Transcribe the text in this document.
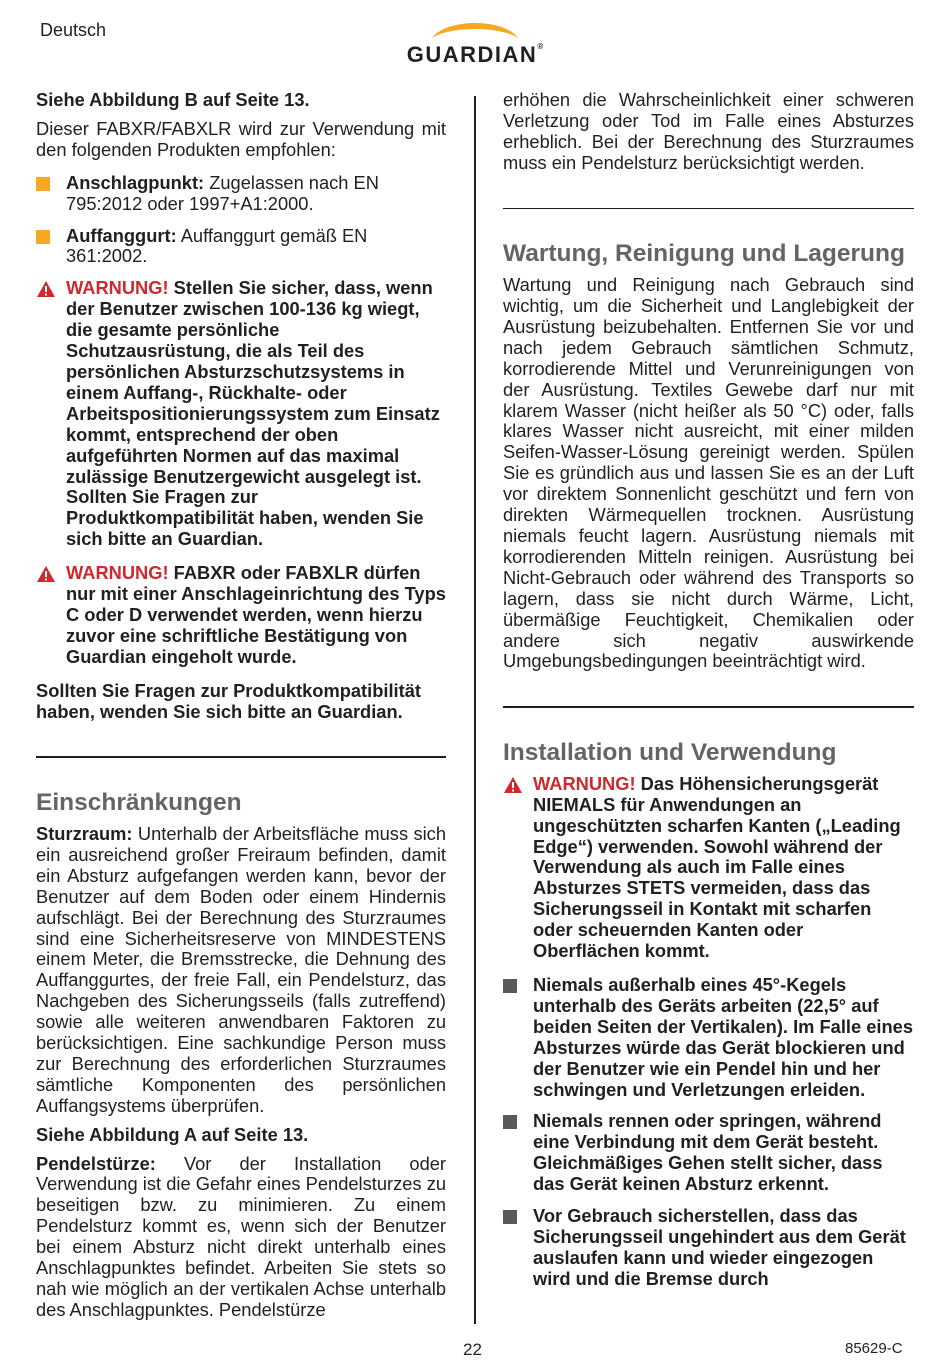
Deutsch
GUARDIAN®

Siehe Abbildung B auf Seite 13.

Dieser FABXR/FABXLR wird zur Verwendung mit den folgenden Produkten empfohlen:

Anschlagpunkt: Zugelassen nach EN 795:2012 oder 1997+A1:2000.
Auffanggurt: Auffanggurt gemäß EN 361:2002.
WARNUNG! Stellen Sie sicher, dass, wenn der Benutzer zwischen 100-136 kg wiegt, die gesamte persönliche Schutzausrüstung, die als Teil des persönlichen Absturzschutzsystems in einem Auffang-, Rückhalte- oder Arbeitspositionierungssystem zum Einsatz kommt, entsprechend der oben aufgeführten Normen auf das maximal zulässige Benutzergewicht ausgelegt ist. Sollten Sie Fragen zur Produktkompatibilität haben, wenden Sie sich bitte an Guardian.
WARNUNG! FABXR oder FABXLR dürfen nur mit einer Anschlageinrichtung des Typs C oder D verwendet werden, wenn hierzu zuvor eine schriftliche Bestätigung von Guardian eingeholt wurde.

Sollten Sie Fragen zur Produktkompatibilität haben, wenden Sie sich bitte an Guardian.

Einschränkungen

Sturzraum: Unterhalb der Arbeitsfläche muss sich ein ausreichend großer Freiraum befinden, damit ein Absturz aufgefangen werden kann, bevor der Benutzer auf dem Boden oder einem Hindernis aufschlägt. Bei der Berechnung des Sturzraumes sind eine Sicherheitsreserve von MINDESTENS einem Meter, die Bremsstrecke, die Dehnung des Auffanggurtes, der freie Fall, ein Pendelsturz, das Nachgeben des Sicherungsseils (falls zutreffend) sowie alle weiteren anwendbaren Faktoren zu berücksichtigen. Eine sachkundige Person muss zur Berechnung des erforderlichen Sturzraumes sämtliche Komponenten des persönlichen Auffangsystems überprüfen.

Siehe Abbildung A auf Seite 13.

Pendelstürze: Vor der Installation oder Verwendung ist die Gefahr eines Pendelsturzes zu beseitigen bzw. zu minimieren. Zu einem Pendelsturz kommt es, wenn sich der Benutzer bei einem Absturz nicht direkt unterhalb eines Anschlagpunktes befindet. Arbeiten Sie stets so nah wie möglich an der vertikalen Achse unterhalb des Anschlagpunktes. Pendelstürze

erhöhen die Wahrscheinlichkeit einer schweren Verletzung oder Tod im Falle eines Absturzes erheblich. Bei der Berechnung des Sturzraumes muss ein Pendelsturz berücksichtigt werden.

Wartung, Reinigung und Lagerung

Wartung und Reinigung nach Gebrauch sind wichtig, um die Sicherheit und Langlebigkeit der Ausrüstung beizubehalten. Entfernen Sie vor und nach jedem Gebrauch sämtlichen Schmutz, korrodierende Mittel und Verunreinigungen von der Ausrüstung. Textiles Gewebe darf nur mit klarem Wasser (nicht heißer als 50 °C) oder, falls klares Wasser nicht ausreicht, mit einer milden Seifen-Wasser-Lösung gereinigt werden. Spülen Sie es gründlich aus und lassen Sie es an der Luft vor direktem Sonnenlicht geschützt und fern von direkten Wärmequellen trocknen. Ausrüstung niemals feucht lagern. Ausrüstung niemals mit korrodierenden Mitteln reinigen. Ausrüstung bei Nicht-Gebrauch oder während des Transports so lagern, dass sie nicht durch Wärme, Licht, übermäßige Feuchtigkeit, Chemikalien oder andere sich negativ auswirkende Umgebungsbedingungen beeinträchtigt wird.

Installation und Verwendung
WARNUNG! Das Höhensicherungsgerät NIEMALS für Anwendungen an ungeschützten scharfen Kanten („Leading Edge“) verwenden. Sowohl während der Verwendung als auch im Falle eines Absturzes STETS vermeiden, dass das Sicherungsseil in Kontakt mit scharfen oder scheuernden Kanten oder Oberflächen kommt.
Niemals außerhalb eines 45°-Kegels unterhalb des Geräts arbeiten (22,5° auf beiden Seiten der Vertikalen). Im Falle eines Absturzes würde das Gerät blockieren und der Benutzer wie ein Pendel hin und her schwingen und Verletzungen erleiden.
Niemals rennen oder springen, während eine Verbindung mit dem Gerät besteht. Gleichmäßiges Gehen stellt sicher, dass das Gerät keinen Absturz erkennt.
Vor Gebrauch sicherstellen, dass das Sicherungsseil ungehindert aus dem Gerät auslaufen kann und wieder eingezogen wird und die Bremse durch
22	85629-C
